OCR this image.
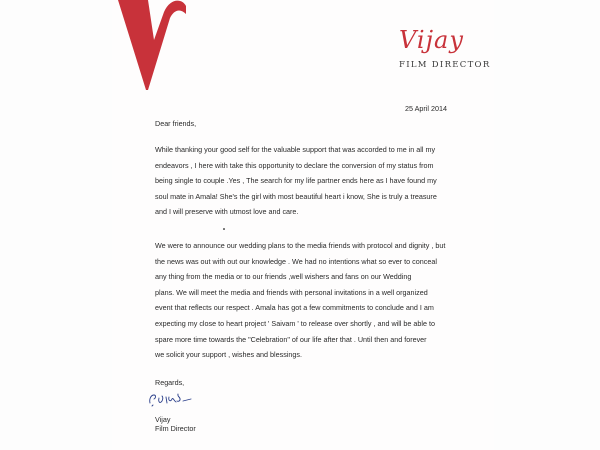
Vijay
FILM DIRECTOR
25 April 2014
Dear friends,
While thanking your good self for the valuable support that was accorded to me in all my
endeavors , I here with take this opportunity to declare the conversion of my status from
being single to couple .Yes , The search for my life partner ends here as I have found my
soul mate in Amala! She's the girl with most beautiful heart i know, She is truly a treasure
and I will preserve with utmost love and care.
We were to announce our wedding plans to the media friends with protocol and dignity , but
the news was out with out our knowledge . We had no intentions what so ever to conceal
any thing from the media or to our friends ,well wishers and fans on our Wedding
plans. We will meet the media and friends with personal invitations in a well organized
event that reflects our respect . Amala has got a few commitments to conclude and I am
expecting my close to heart project ' Saivam ' to release over shortly , and will be able to
spare more time towards the "Celebration" of our life after that . Until then and forever
we solicit your support , wishes and blessings.
Regards,
Vijay
Film Director
